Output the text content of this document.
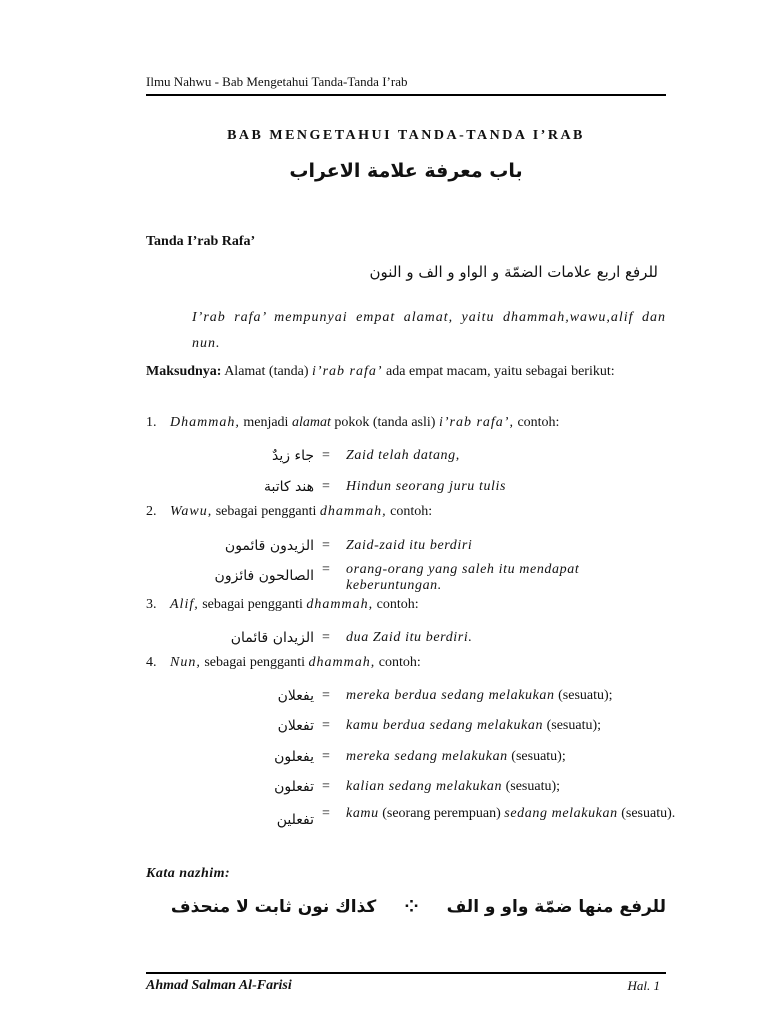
Ilmu Nahwu - Bab Mengetahui Tanda-Tanda I’rab
BAB MENGETAHUI TANDA-TANDA I’RAB
باب معرفة علامة الاعراب
Tanda I’rab Rafa’
للرفع اربع علامات الضمّة و الواو و الف و النون
I’rab rafa’ mempunyai empat alamat, yaitu dhammah,wawu,alif dan nun.
Maksudnya: Alamat (tanda) i’rab rafa’ ada empat macam, yaitu sebagai berikut:
1. Dhammah, menjadi alamat pokok (tanda asli) i’rab rafa’, contoh:
جاء زيدٌ = Zaid telah datang,
هند كاتبة = Hindun seorang juru tulis
2. Wawu, sebagai pengganti dhammah, contoh:
الزيدون قائمون = Zaid-zaid itu berdiri
الصالحون فائزون = orang-orang yang saleh itu mendapat keberuntungan.
3. Alif, sebagai pengganti dhammah, contoh:
الزيدان قائمان = dua Zaid itu berdiri.
4. Nun, sebagai pengganti dhammah, contoh:
يفعلان = mereka berdua sedang melakukan (sesuatu);
تفعلان = kamu berdua sedang melakukan (sesuatu);
يفعلون = mereka sedang melakukan (sesuatu);
تفعلون = kalian sedang melakukan (sesuatu);
تفعلين = kamu (seorang perempuan) sedang melakukan (sesuatu).
Kata nazhim:
للرفع منها ضمّة واو و الف⁘كذاك نون ثابت لا منحذف
Ahmad Salman Al-Farisi	Hal. 1
